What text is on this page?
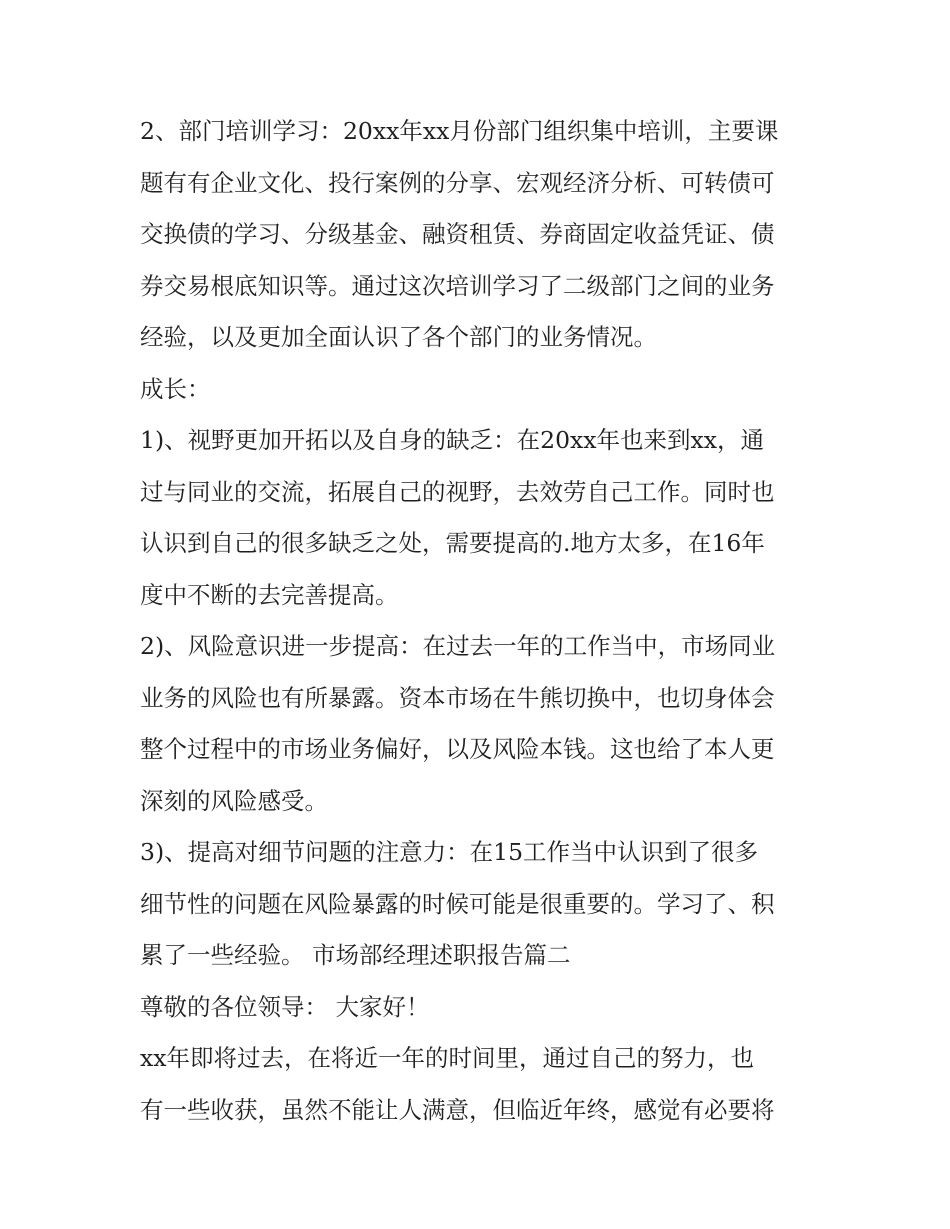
2、部门培训学习：20xx年xx月份部门组织集中培训，主要课
题有有企业文化、投行案例的分享、宏观经济分析、可转债可
交换债的学习、分级基金、融资租赁、券商固定收益凭证、债
券交易根底知识等。通过这次培训学习了二级部门之间的业务
经验，以及更加全面认识了各个部门的业务情况。
成长：
1)、视野更加开拓以及自身的缺乏：在20xx年也来到xx，通
过与同业的交流，拓展自己的视野，去效劳自己工作。同时也
认识到自己的很多缺乏之处，需要提高的.地方太多，在16年
度中不断的去完善提高。
2)、风险意识进一步提高：在过去一年的工作当中，市场同业
业务的风险也有所暴露。资本市场在牛熊切换中，也切身体会
整个过程中的市场业务偏好，以及风险本钱。这也给了本人更
深刻的风险感受。
3)、提高对细节问题的注意力：在15工作当中认识到了很多
细节性的问题在风险暴露的时候可能是很重要的。学习了、积
累了一些经验。 市场部经理述职报告篇二
尊敬的各位领导： 大家好！
xx年即将过去，在将近一年的时间里，通过自己的努力，也
有一些收获，虽然不能让人满意，但临近年终，感觉有必要将
